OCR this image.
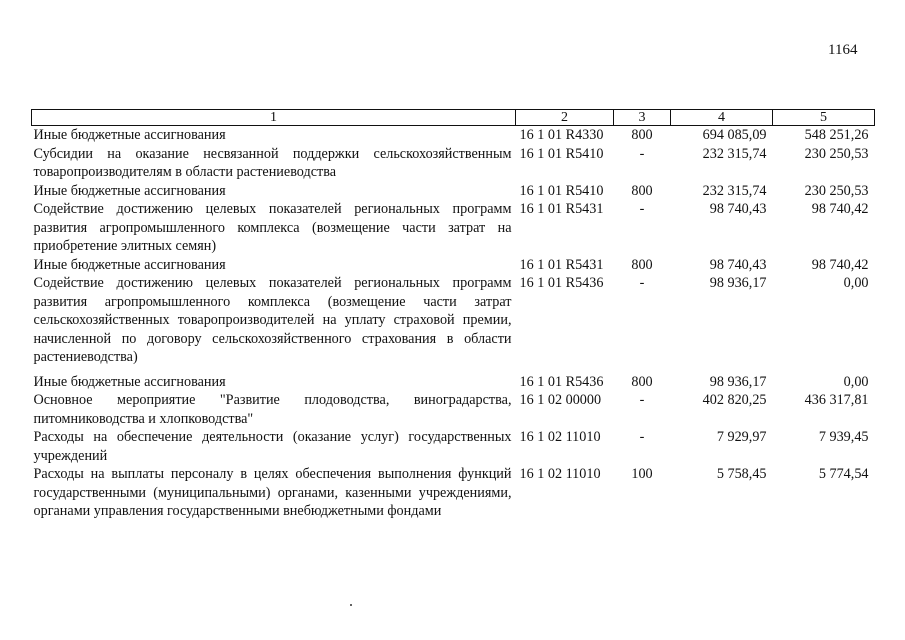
1164
1	2	3	4	5
Иные бюджетные ассигнования	16 1 01 R4330	800	694 085,09	548 251,26
Субсидии на оказание несвязанной поддержки сельскохозяйственным товаропроизводителям в области растениеводства	16 1 01 R5410	-	232 315,74	230 250,53
Иные бюджетные ассигнования	16 1 01 R5410	800	232 315,74	230 250,53
Содействие достижению целевых показателей региональных программ развития агропромышленного комплекса (возмещение части затрат на приобретение элитных семян)	16 1 01 R5431	-	98 740,43	98 740,42
Иные бюджетные ассигнования	16 1 01 R5431	800	98 740,43	98 740,42
Содействие достижению целевых показателей региональных программ развития агропромышленного комплекса (возмещение части затрат сельскохозяйственных товаропроизводителей на уплату страховой премии, начисленной по договору сельскохозяйственного страхования в области растениеводства)	16 1 01 R5436	-	98 936,17	0,00
Иные бюджетные ассигнования	16 1 01 R5436	800	98 936,17	0,00
Основное мероприятие "Развитие плодоводства, виноградарства, питомниководства и хлопководства"	16 1 02 00000	-	402 820,25	436 317,81
Расходы на обеспечение деятельности (оказание услуг) государственных учреждений	16 1 02 11010	-	7 929,97	7 939,45
Расходы на выплаты персоналу в целях обеспечения выполнения функций государственными (муниципальными) органами, казенными учреждениями, органами управления государственными внебюджетными фондами	16 1 02 11010	100	5 758,45	5 774,54
